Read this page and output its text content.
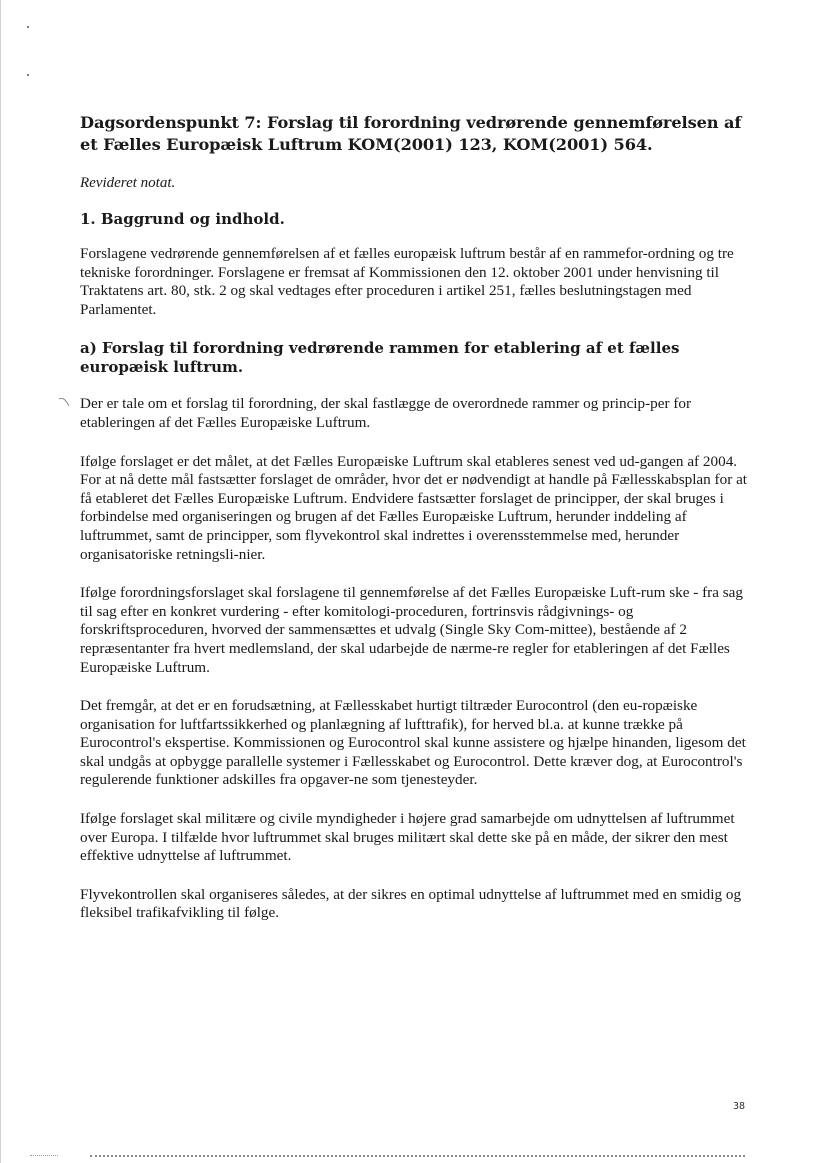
Dagsordenspunkt 7: Forslag til forordning vedrørende gennemførelsen af et Fælles Europæisk Luftrum KOM(2001) 123, KOM(2001) 564.

Revideret notat.

1. Baggrund og indhold.

Forslagene vedrørende gennemførelsen af et fælles europæisk luftrum består af en rammefor-ordning og tre tekniske forordninger. Forslagene er fremsat af Kommissionen den 12. oktober 2001 under henvisning til Traktatens art. 80, stk. 2 og skal vedtages efter proceduren i artikel 251, fælles beslutningstagen med Parlamentet.

a) Forslag til forordning vedrørende rammen for etablering af et fælles europæisk luftrum.

Der er tale om et forslag til forordning, der skal fastlægge de overordnede rammer og princip-per for etableringen af det Fælles Europæiske Luftrum.

Ifølge forslaget er det målet, at det Fælles Europæiske Luftrum skal etableres senest ved ud-gangen af 2004. For at nå dette mål fastsætter forslaget de områder, hvor det er nødvendigt at handle på Fællesskabsplan for at få etableret det Fælles Europæiske Luftrum. Endvidere fastsætter forslaget de principper, der skal bruges i forbindelse med organiseringen og brugen af det Fælles Europæiske Luftrum, herunder inddeling af luftrummet, samt de principper, som flyvekontrol skal indrettes i overensstemmelse med, herunder organisatoriske retningsli-nier.

Ifølge forordningsforslaget skal forslagene til gennemførelse af det Fælles Europæiske Luft-rum ske - fra sag til sag efter en konkret vurdering - efter komitologi-proceduren, fortrinsvis rådgivnings- og forskriftsproceduren, hvorved der sammensættes et udvalg (Single Sky Com-mittee), bestående af 2 repræsentanter fra hvert medlemsland, der skal udarbejde de nærme-re regler for etableringen af det Fælles Europæiske Luftrum.

Det fremgår, at det er en forudsætning, at Fællesskabet hurtigt tiltræder Eurocontrol (den eu-ropæiske organisation for luftfartssikkerhed og planlægning af lufttrafik), for herved bl.a. at kunne trække på Eurocontrol's ekspertise. Kommissionen og Eurocontrol skal kunne assistere og hjælpe hinanden, ligesom det skal undgås at opbygge parallelle systemer i Fællesskabet og Eurocontrol. Dette kræver dog, at Eurocontrol's regulerende funktioner adskilles fra opgaver-ne som tjenesteyder.

Ifølge forslaget skal militære og civile myndigheder i højere grad samarbejde om udnyttelsen af luftrummet over Europa. I tilfælde hvor luftrummet skal bruges militært skal dette ske på en måde, der sikrer den mest effektive udnyttelse af luftrummet.

Flyvekontrollen skal organiseres således, at der sikres en optimal udnyttelse af luftrummet med en smidig og fleksibel trafikafvikling til følge.

38
